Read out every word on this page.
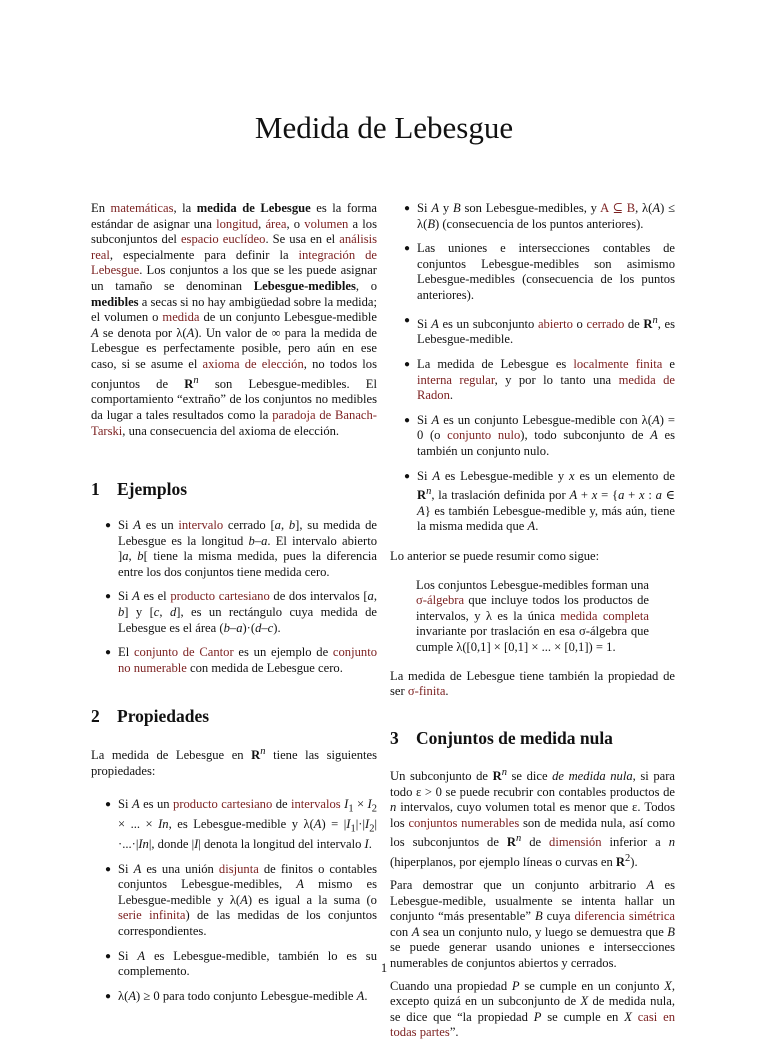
Medida de Lebesgue

En matemáticas, la medida de Lebesgue es la forma estándar de asignar una longitud, área, o volumen a los subconjuntos del espacio euclídeo. Se usa en el análisis real, especialmente para definir la integración de Lebesgue. Los conjuntos a los que se les puede asignar un tamaño se denominan Lebesgue-medibles, o medibles a secas si no hay ambigüedad sobre la medida; el volumen o medida de un conjunto Lebesgue-medible A se denota por λ(A). Un valor de ∞ para la medida de Lebesgue es perfectamente posible, pero aún en ese caso, si se asume el axioma de elección, no todos los conjuntos de $R^n$ son Lebesgue-medibles. El comportamiento “extraño” de los conjuntos no medibles da lugar a tales resultados como la paradoja de Banach-Tarski, una consecuencia del axioma de elección.

1 Ejemplos
● Si A es un intervalo cerrado [a, b], su medida de Lebesgue es la longitud b–a. El intervalo abierto ]a, b[ tiene la misma medida, pues la diferencia entre los dos conjuntos tiene medida cero.
● Si A es el producto cartesiano de dos intervalos [a, b] y [c, d], es un rectángulo cuya medida de Lebesgue es el área (b–a)·(d–c).
● El conjunto de Cantor es un ejemplo de conjunto no numerable con medida de Lebesgue cero.
2 Propiedades

La medida de Lebesgue en $R^n$ tiene las siguientes propiedades:

● Si A es un producto cartesiano de intervalos $I_1 \times I_2$ × ... × In, es Lebesgue-medible y $\lambda(A) = |I_1|\cdot|I_2|\cdot...\cdot|In|$, donde |I| denota la longitud del intervalo I.
● Si A es una unión disjunta de finitos o contables conjuntos Lebesgue-medibles, A mismo es Lebesgue-medible y λ(A) es igual a la suma (o serie infinita) de las medidas de los conjuntos correspondientes.
● Si A es Lebesgue-medible, también lo es su complemento.
● λ(A) ≥ 0 para todo conjunto Lebesgue-medible A.
● Si A y B son Lebesgue-medibles, y A ⊆ B, λ(A) ≤ λ(B) (consecuencia de los puntos anteriores).
● Las uniones e intersecciones contables de conjuntos Lebesgue-medibles son asimismo Lebesgue-medibles (consecuencia de los puntos anteriores).
● Si A es un subconjunto abierto o cerrado de $R^n$, es Lebesgue-medible.
● La medida de Lebesgue es localmente finita e interna regular, y por lo tanto una medida de Radon.
● Si A es un conjunto Lebesgue-medible con λ(A) = 0 (o conjunto nulo), todo subconjunto de A es también un conjunto nulo.
● Si A es Lebesgue-medible y x es un elemento de $R^n$, la traslación definida por A + x = {a + x : a ∈ A} es también Lebesgue-medible y, más aún, tiene la misma medida que A.

Lo anterior se puede resumir como sigue:

Los conjuntos Lebesgue-medibles forman una σ-álgebra que incluye todos los productos de intervalos, y λ es la única medida completa invariante por traslación en esa σ-álgebra que cumple λ([0,1] × [0,1] × ... × [0,1]) = 1.

La medida de Lebesgue tiene también la propiedad de ser σ-finita.

3 Conjuntos de medida nula

Un subconjunto de $R^n$ se dice de medida nula, si para todo ε > 0 se puede recubrir con contables productos de n intervalos, cuyo volumen total es menor que ε. Todos los conjuntos numerables son de medida nula, así como los subconjuntos de $R^n$ de dimensión inferior a n (hiperplanos, por ejemplo líneas o curvas en $R^2$).

Para demostrar que un conjunto arbitrario A es Lebesgue-medible, usualmente se intenta hallar un conjunto “más presentable” B cuya diferencia simétrica con A sea un conjunto nulo, y luego se demuestra que B se puede generar usando uniones e intersecciones numerables de conjuntos abiertos y cerrados.

Cuando una propiedad P se cumple en un conjunto X, excepto quizá en un subconjunto de X de medida nula, se dice que “la propiedad P se cumple en X casi en todas partes”.

1
